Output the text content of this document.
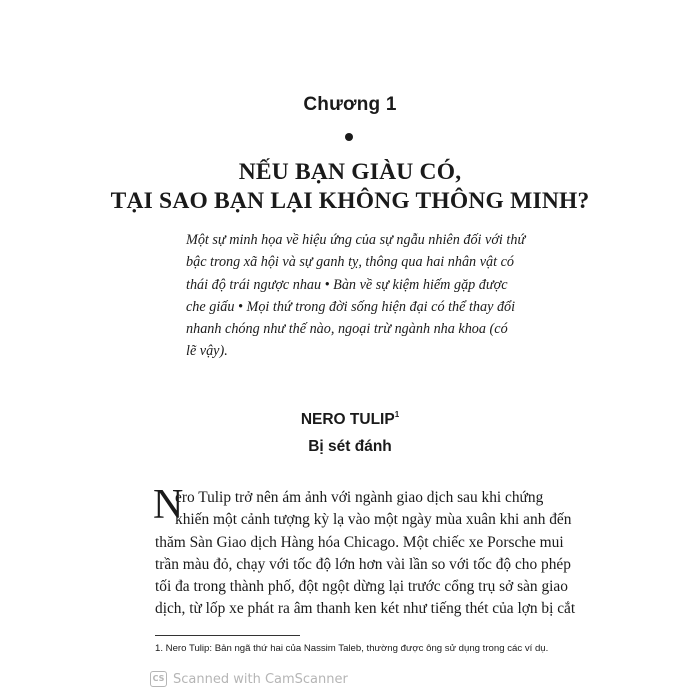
Chương 1
NẾU BẠN GIÀU CÓ,
TẠI SAO BẠN LẠI KHÔNG THÔNG MINH?
Một sự minh họa về hiệu ứng của sự ngẫu nhiên đối với thứ
bậc trong xã hội và sự ganh tỵ, thông qua hai nhân vật có
thái độ trái ngược nhau • Bàn về sự kiệm hiếm gặp được
che giấu • Mọi thứ trong đời sống hiện đại có thể thay đổi
nhanh chóng như thế nào, ngoại trừ ngành nha khoa (có
lẽ vậy).
NERO TULIP$^1$
Bị sét đánh
N
ero Tulip trở nên ám ảnh với ngành giao dịch sau khi chứng
khiến một cảnh tượng kỳ lạ vào một ngày mùa xuân khi anh đến
thăm Sàn Giao dịch Hàng hóa Chicago. Một chiếc xe Porsche mui
trần màu đỏ, chạy với tốc độ lớn hơn vài lần so với tốc độ cho phép
tối đa trong thành phố, đột ngột dừng lại trước cổng trụ sở sàn giao
dịch, từ lốp xe phát ra âm thanh ken két như tiếng thét của lợn bị cắt
1. Nero Tulip: Bản ngã thứ hai của Nassim Taleb, thường được ông sử dụng trong các ví dụ.
CS Scanned with CamScanner
